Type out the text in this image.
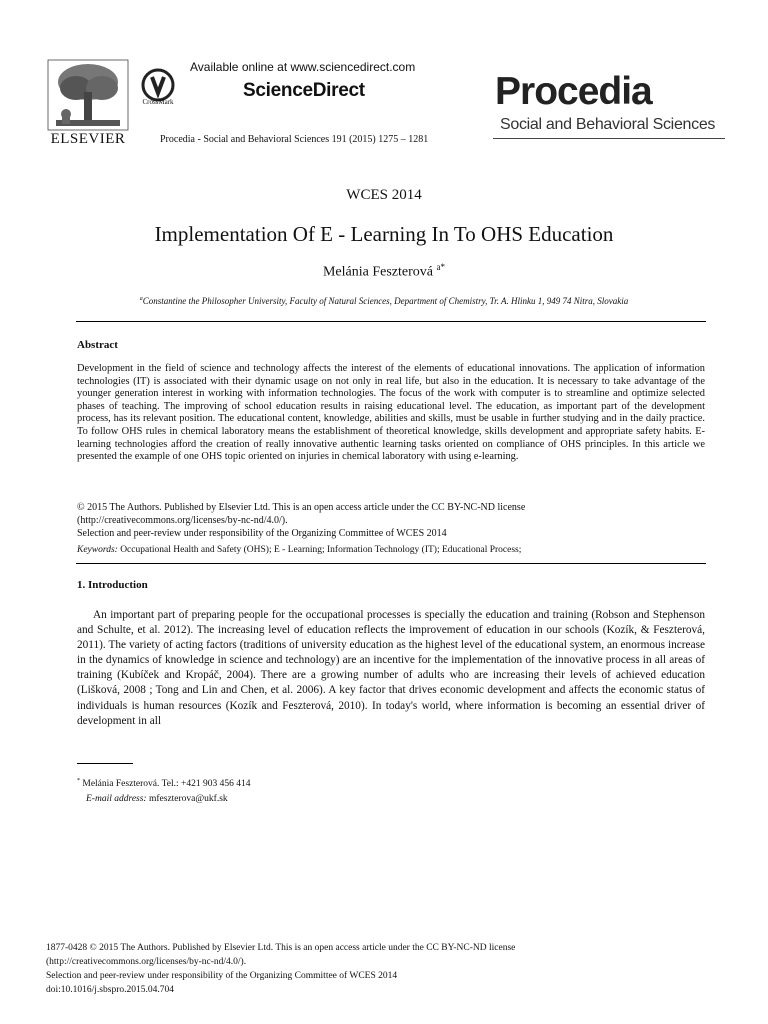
ELSEVIER
CrossMark
Available online at www.sciencedirect.com
ScienceDirect
Procedia - Social and Behavioral Sciences 191 (2015) 1275 – 1281
Procedia
Social and Behavioral Sciences
WCES 2014
Implementation Of E - Learning In To OHS Education
Melánia Feszterová $^{a*}$
$^a$Constantine the Philosopher University, Faculty of Natural Sciences, Department of Chemistry, Tr. A. Hlinku 1, 949 74 Nitra, Slovakia
Abstract
Development in the field of science and technology affects the interest of the elements of educational innovations. The application of information technologies (IT) is associated with their dynamic usage on not only in real life, but also in the education. It is necessary to take advantage of the younger generation interest in working with information technologies. The focus of the work with computer is to streamline and optimize selected phases of teaching. The improving of school education results in raising educational level. The education, as important part of the development process, has its relevant position. The educational content, knowledge, abilities and skills, must be usable in further studying and in the daily practice. To follow OHS rules in chemical laboratory means the establishment of theoretical knowledge, skills development and appropriate safety habits. E-learning technologies afford the creation of really innovative authentic learning tasks oriented on compliance of OHS principles. In this article we presented the example of one OHS topic oriented on injuries in chemical laboratory with using e-learning.
© 2015 The Authors. Published by Elsevier Ltd. This is an open access article under the CC BY-NC-ND license
(http://creativecommons.org/licenses/by-nc-nd/4.0/).
Selection and peer-review under responsibility of the Organizing Committee of WCES 2014
Keywords: Occupational Health and Safety (OHS); E - Learning; Information Technology (IT); Educational Process;
1. Introduction
An important part of preparing people for the occupational processes is specially the education and training (Robson and Stephenson and Schulte, et al. 2012). The increasing level of education reflects the improvement of education in our schools (Kozík, & Feszterová, 2011). The variety of acting factors (traditions of university education as the highest level of the educational system, an enormous increase in the dynamics of knowledge in science and technology) are an incentive for the implementation of the innovative process in all areas of training (Kubíček and Kropáč, 2004). There are a growing number of adults who are increasing their levels of achieved education (Lišková, 2008 ; Tong and Lin and Chen, et al. 2006). A key factor that drives economic development and affects the economic status of individuals is human resources (Kozík and Feszterová, 2010). In today's world, where information is becoming an essential driver of development in all
* Melánia Feszterová. Tel.: +421 903 456 414
E-mail address: mfeszterova@ukf.sk
1877-0428 © 2015 The Authors. Published by Elsevier Ltd. This is an open access article under the CC BY-NC-ND license
(http://creativecommons.org/licenses/by-nc-nd/4.0/).
Selection and peer-review under responsibility of the Organizing Committee of WCES 2014
doi:10.1016/j.sbspro.2015.04.704
